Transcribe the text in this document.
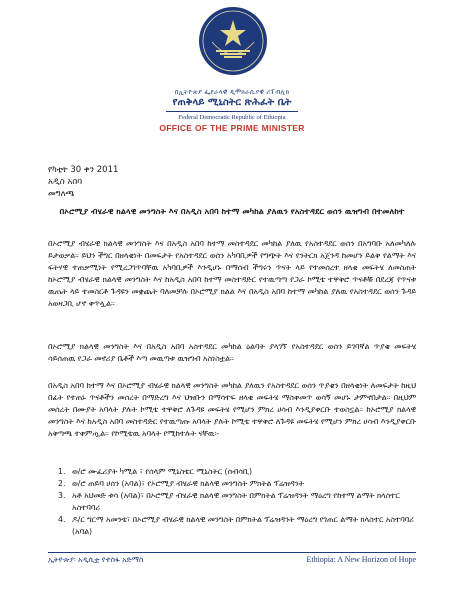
በኢትዮጵያ ፌደራላዊ ዲሞክራሲያዊ ሪፐብሊክ
የጠቅላይ ሚኒስትር ጽሕፈት ቤት
Federal Democratic Republic of Ethiopia
OFFICE OF THE PRIME MINISTER
የካቲት 30 ቀን 2011
አዲስ አበባ
መግለጫ
በኦሮሚያ ብሄራዊ ክልላዊ መንግስት እና በአዲስ አበባ ከተማ መካከል ያለዉን የአስተዳደር ወሰን ዉዝግብ በተመለከተ
በኦሮሚያ ብሄራዊ ክልላዊ መንግስት እና በአዲስ አበባ ከተማ መስተዳደር መካከል ያለዉ የአስተዳደር ወሰን በአግባቡ አለመካለሉ ይታወቃል። ይህን ችግር በዘላቂነት በመፍታት የአስተዳደር ወሰን አካባቢዎች የግጭት እና የንትርክ አጀንዳ ከመሆን ይልቅ የልማት እና ፍትሃዊ ተጠቃሚነት የሚረጋገጥባቸዉ አካባቢዎች እንዲሆኑ በማሰብ ችግሩን ጥናት ላይ የተመሰረተ ዘላቂ መፍትሄ ለመስጠት ከኦሮሚያ ብሄራዊ ክልላዊ መንግስት እና ከአዲስ አበባ ከተማ መስተዳድር የተዉጣጣ የጋራ ኮሚቴ ተዋቅሮ ጥናቶቹ በደረጃ የጥናቱ ዉጤት ላይ ተመስርቶ ጉዳዩን መቋጨት ባለመቻሉ በኦሮሚያ ክልል እና በአዲስ አበባ ከተማ መካከል ያለዉ የአስተዳደር ወሰን ጉዳይ አወዛጋቢ ሆኖ ቀጥሏል።
በኦሮሚያ ክልላዊ መንግስት እና በአዲስ አበባ አስተዳደር መካከል ዕልባት ያላገኘ የአስተዳደር ወሰን ይገባኛል ጥያቄ መፍትሄ ሳይሰጠዉ የጋራ መኖሪያ ቤቶች እጣ መዉጣቱ ዉዝግብ አስነስቷል።
በአዲስ አበባ ከተማ እና በኦሮሚያ ብሄራዊ ክልላዊ መንግስት መካከል ያለዉን የአስተዳደር ወሰን ጥያቄን በዘላቂነት ለመፍታት ከዚህ በፊት የተጠኑ ጥናቶችን መሰረት በማድረግ እና ህዝቡን በማሳተፍ ዘላቂ መፍትሄ ማስቀመጥ ወሳኝ መሆኑ ታምኖበታል። በዚህም መሰረት በሙያት አባላት ያሉት ኮሚቴ ተዋቅሮ ለጉዳዩ መፍትሄ የሚሆን ምክረ ሀሳብ እንዲያቀርቡ ተወስኗል። ከኦሮሚያ ክልላዊ መንግስት እና ከአዲስ አበባ መስተዳድር የተዉጣጡ አባላት ያሉት ኮሚቴ ተዋቅሮ ለጉዳዩ መፍትሄ የሚሆን ምክረ ሀሳብ እንዲያቀርቡ አቅጣጫ ተቀምጧል። የኮሚቴዉ አባላት የሚከተሉት ናቸዉ፡-
1. ወ/ሮ ሙፈሪያት ካሚል ፣ የሰላም ሚኒስቴር ሚኒስትር (ሰብሳቢ)
2. ወ/ሮ ጠይባ ሀሰን (አባል)፣ የኦሮሚያ ብሄራዊ ክልላዊ መንግስት ምክትል ፕሬዝዳንት
3. አቶ አህመድ ቱሳ (አባል)፣ በኦሮሚያ ብሄራዊ ክልላዊ መንግስት በምክትል ፕሬዝዳንት ማዕረግ የከተማ ልማት ክላስተር አስተባባሪ
4. ዶ/ር ግርማ አመንቴ፣ በኦሮሚያ ብሄራዊ ክልላዊ መንግስት በምክትል ፕሬዝዳንት ማዕረግ የገጠር ልማት ክላስተር አስተባባሪ (አባል)
ኢትዮጵያ፡ አዲሲቷ የተስፋ አድማስ	Ethiopia: A New Horizon of Hope
